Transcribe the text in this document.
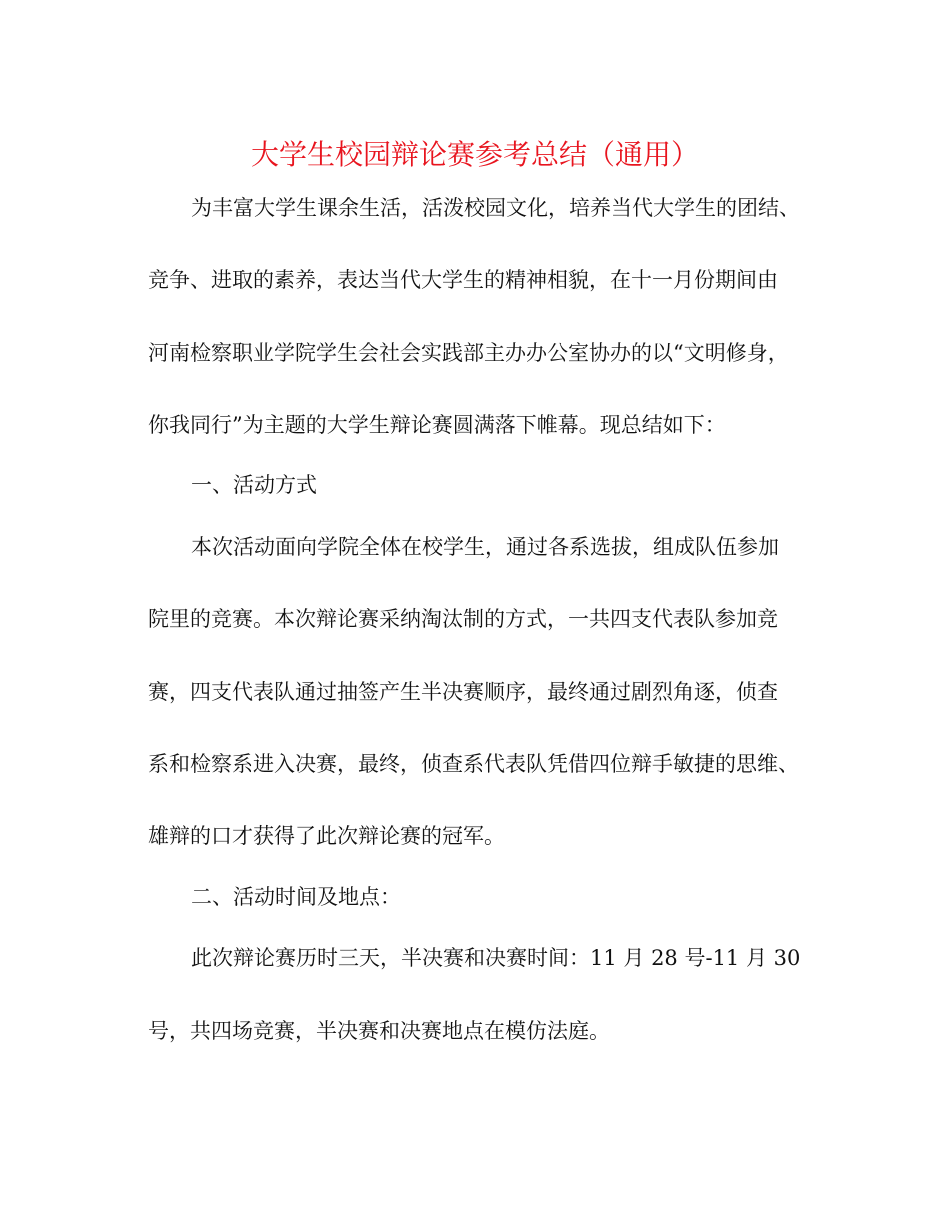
大学生校园辩论赛参考总结（通用）

为丰富大学生课余生活，活泼校园文化，培养当代大学生的团结、

竞争、进取的素养，表达当代大学生的精神相貌，在十一月份期间由

河南检察职业学院学生会社会实践部主办办公室协办的以“文明修身，

你我同行”为主题的大学生辩论赛圆满落下帷幕。现总结如下：

一、活动方式

本次活动面向学院全体在校学生，通过各系选拔，组成队伍参加

院里的竞赛。本次辩论赛采纳淘汰制的方式，一共四支代表队参加竞

赛，四支代表队通过抽签产生半决赛顺序，最终通过剧烈角逐，侦查

系和检察系进入决赛，最终，侦查系代表队凭借四位辩手敏捷的思维、

雄辩的口才获得了此次辩论赛的冠军。

二、活动时间及地点：

此次辩论赛历时三天，半决赛和决赛时间：11 月 28 号-11 月 30

号，共四场竞赛，半决赛和决赛地点在模仿法庭。
